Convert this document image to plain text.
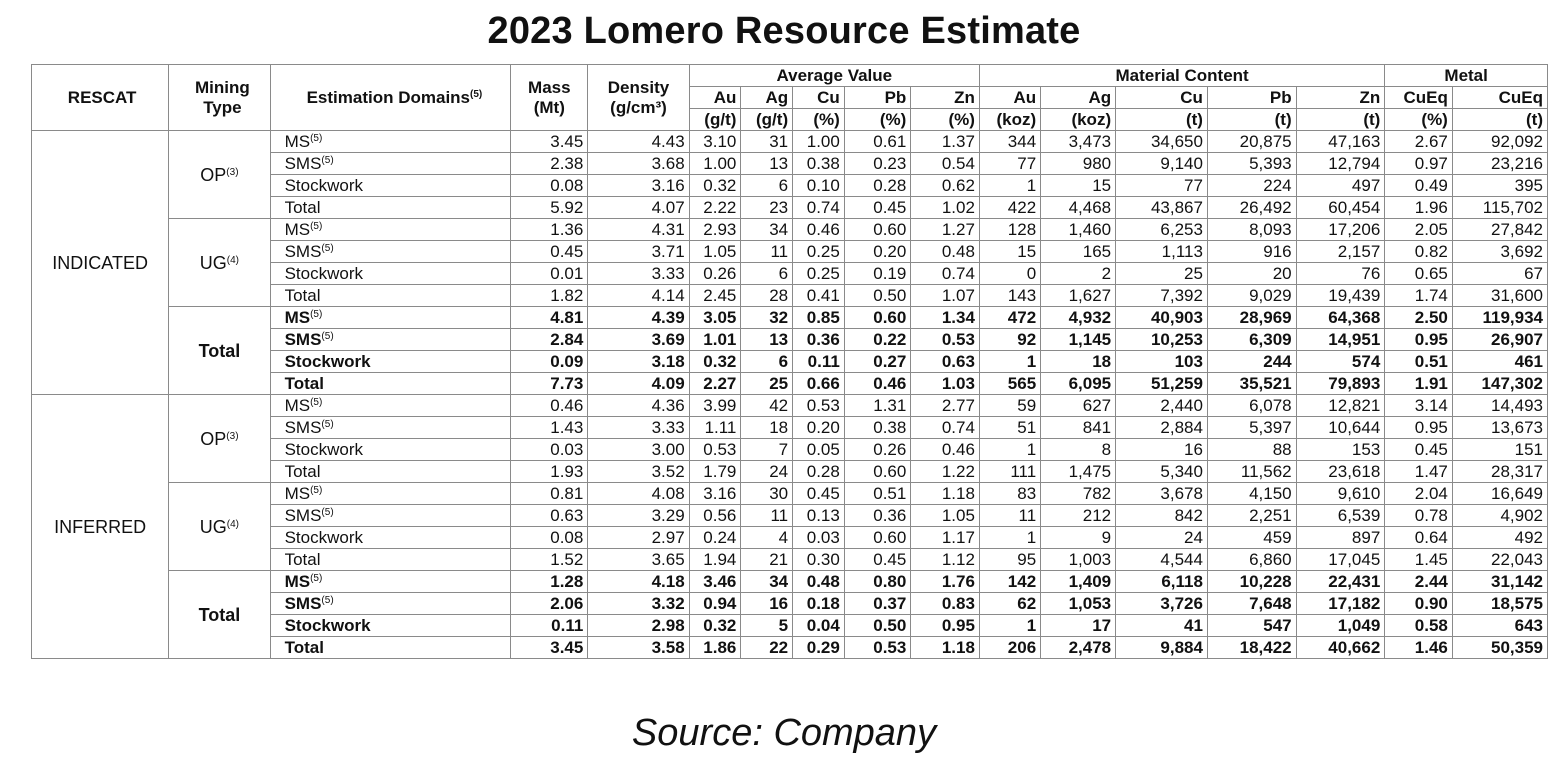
2023 Lomero Resource Estimate
RESCAT	Mining Type	Estimation Domains$^{(5)}$	Mass (Mt)	Density (g/cm³)	Average Value					Material Content					Metal	
					Au	Ag	Cu	Pb	Zn	Au	Ag	Cu	Pb	Zn	CuEq	CuEq
					(g/t)	(g/t)	(%)	(%)	(%)	(koz)	(koz)	(t)	(t)	(t)	(%)	(t)
INDICATED	OP$^{(3)}$	MS$^{(5)}$	3.45	4.43	3.10	31	1.00	0.61	1.37	344	3,473	34,650	20,875	47,163	2.67	92,092
		SMS$^{(5)}$	2.38	3.68	1.00	13	0.38	0.23	0.54	77	980	9,140	5,393	12,794	0.97	23,216
		Stockwork	0.08	3.16	0.32	6	0.10	0.28	0.62	1	15	77	224	497	0.49	395
		Total	5.92	4.07	2.22	23	0.74	0.45	1.02	422	4,468	43,867	26,492	60,454	1.96	115,702
	UG$^{(4)}$	MS$^{(5)}$	1.36	4.31	2.93	34	0.46	0.60	1.27	128	1,460	6,253	8,093	17,206	2.05	27,842
		SMS$^{(5)}$	0.45	3.71	1.05	11	0.25	0.20	0.48	15	165	1,113	916	2,157	0.82	3,692
		Stockwork	0.01	3.33	0.26	6	0.25	0.19	0.74	0	2	25	20	76	0.65	67
		Total	1.82	4.14	2.45	28	0.41	0.50	1.07	143	1,627	7,392	9,029	19,439	1.74	31,600
	Total	MS$^{(5)}$	4.81	4.39	3.05	32	0.85	0.60	1.34	472	4,932	40,903	28,969	64,368	2.50	119,934
		SMS$^{(5)}$	2.84	3.69	1.01	13	0.36	0.22	0.53	92	1,145	10,253	6,309	14,951	0.95	26,907
		Stockwork	0.09	3.18	0.32	6	0.11	0.27	0.63	1	18	103	244	574	0.51	461
		Total	7.73	4.09	2.27	25	0.66	0.46	1.03	565	6,095	51,259	35,521	79,893	1.91	147,302
INFERRED	OP$^{(3)}$	MS$^{(5)}$	0.46	4.36	3.99	42	0.53	1.31	2.77	59	627	2,440	6,078	12,821	3.14	14,493
		SMS$^{(5)}$	1.43	3.33	1.11	18	0.20	0.38	0.74	51	841	2,884	5,397	10,644	0.95	13,673
		Stockwork	0.03	3.00	0.53	7	0.05	0.26	0.46	1	8	16	88	153	0.45	151
		Total	1.93	3.52	1.79	24	0.28	0.60	1.22	111	1,475	5,340	11,562	23,618	1.47	28,317
	UG$^{(4)}$	MS$^{(5)}$	0.81	4.08	3.16	30	0.45	0.51	1.18	83	782	3,678	4,150	9,610	2.04	16,649
		SMS$^{(5)}$	0.63	3.29	0.56	11	0.13	0.36	1.05	11	212	842	2,251	6,539	0.78	4,902
		Stockwork	0.08	2.97	0.24	4	0.03	0.60	1.17	1	9	24	459	897	0.64	492
		Total	1.52	3.65	1.94	21	0.30	0.45	1.12	95	1,003	4,544	6,860	17,045	1.45	22,043
	Total	MS$^{(5)}$	1.28	4.18	3.46	34	0.48	0.80	1.76	142	1,409	6,118	10,228	22,431	2.44	31,142
		SMS$^{(5)}$	2.06	3.32	0.94	16	0.18	0.37	0.83	62	1,053	3,726	7,648	17,182	0.90	18,575
		Stockwork	0.11	2.98	0.32	5	0.04	0.50	0.95	1	17	41	547	1,049	0.58	643
		Total	3.45	3.58	1.86	22	0.29	0.53	1.18	206	2,478	9,884	18,422	40,662	1.46	50,359
Source: Company
